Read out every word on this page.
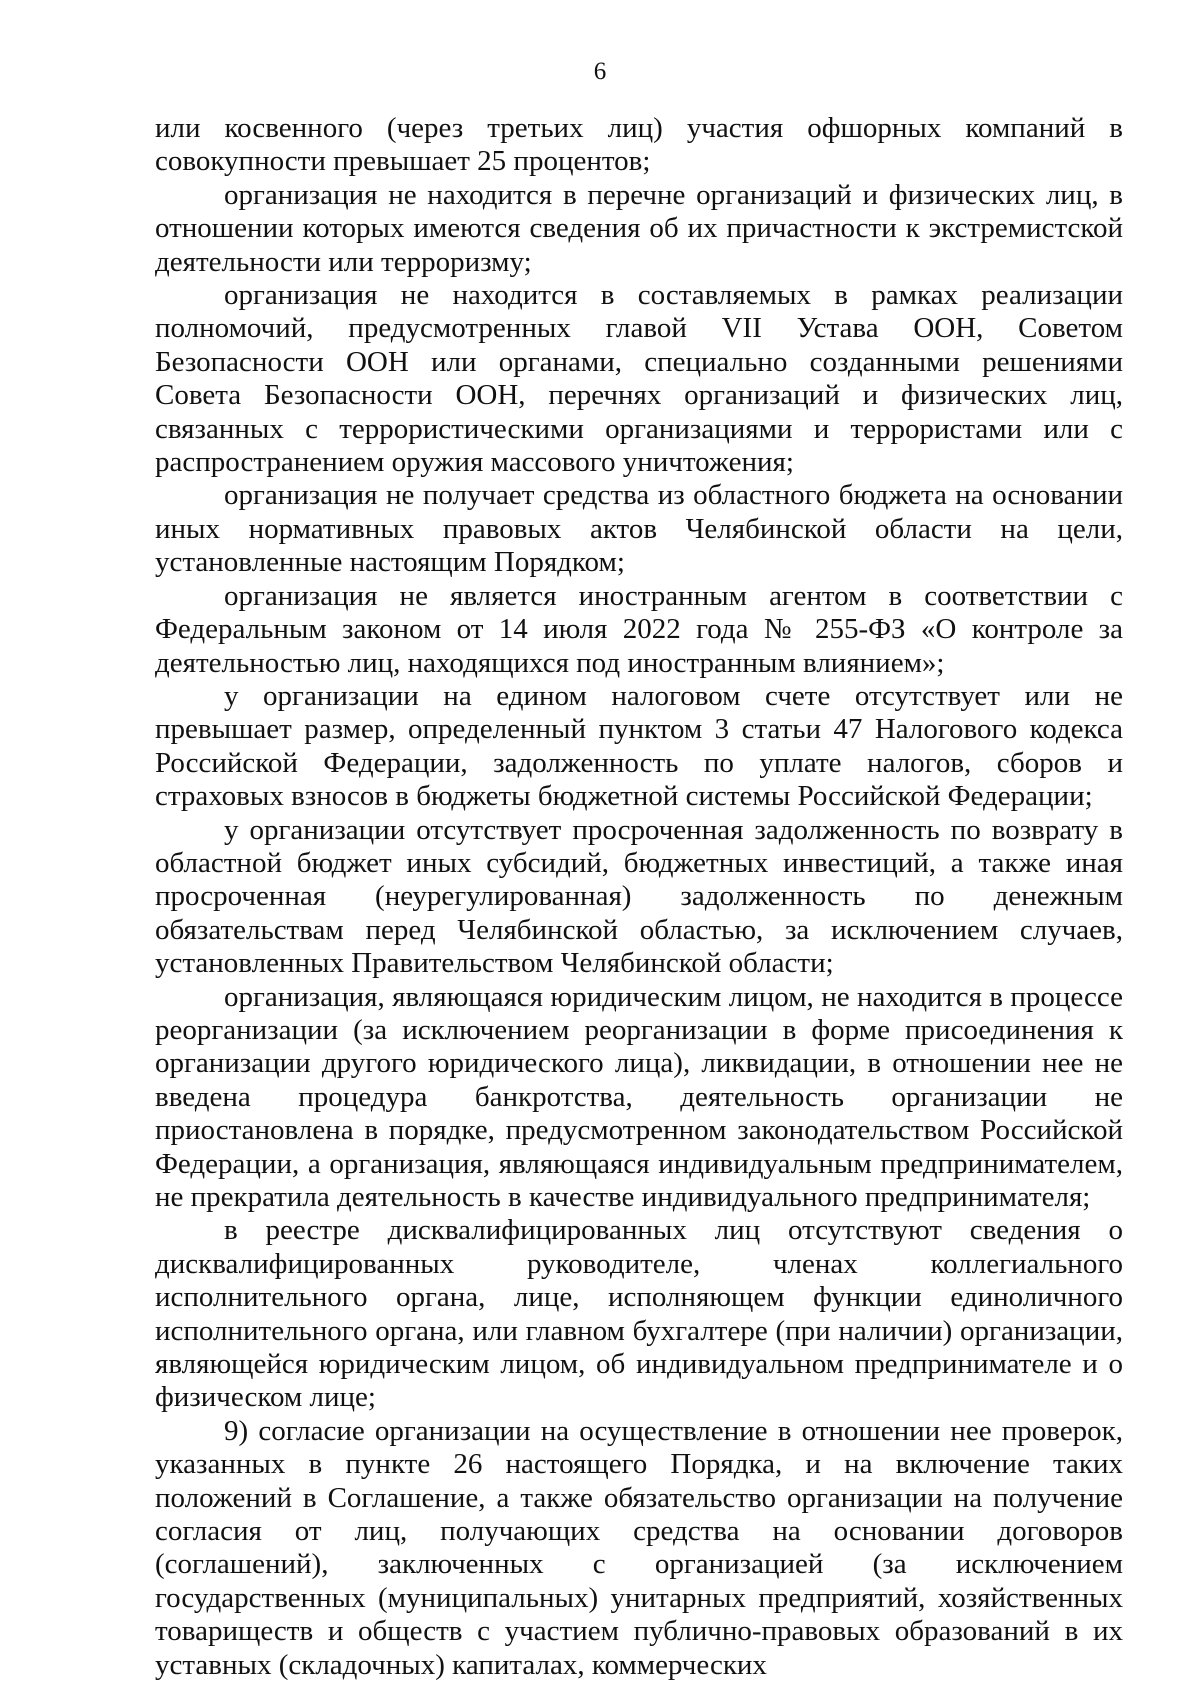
6

или косвенного (через третьих лиц) участия офшорных компаний в совокупности превышает 25 процентов;

организация не находится в перечне организаций и физических лиц, в отношении которых имеются сведения об их причастности к экстремистской деятельности или терроризму;

организация не находится в составляемых в рамках реализации полномочий, предусмотренных главой VII Устава ООН, Советом Безопасности ООН или органами, специально созданными решениями Совета Безопасности ООН, перечнях организаций и физических лиц, связанных с террористическими организациями и террористами или с распространением оружия массового уничтожения;

организация не получает средства из областного бюджета на основании иных нормативных правовых актов Челябинской области на цели, установленные настоящим Порядком;

организация не является иностранным агентом в соответствии с Федеральным законом от 14 июля 2022 года № 255-ФЗ «О контроле за деятельностью лиц, находящихся под иностранным влиянием»;

у организации на едином налоговом счете отсутствует или не превышает размер, определенный пунктом 3 статьи 47 Налогового кодекса Российской Федерации, задолженность по уплате налогов, сборов и страховых взносов в бюджеты бюджетной системы Российской Федерации;

у организации отсутствует просроченная задолженность по возврату в областной бюджет иных субсидий, бюджетных инвестиций, а также иная просроченная (неурегулированная) задолженность по денежным обязательствам перед Челябинской областью, за исключением случаев, установленных Правительством Челябинской области;

организация, являющаяся юридическим лицом, не находится в процессе реорганизации (за исключением реорганизации в форме присоединения к организации другого юридического лица), ликвидации, в отношении нее не введена процедура банкротства, деятельность организации не приостановлена в порядке, предусмотренном законодательством Российской Федерации, а организация, являющаяся индивидуальным предпринимателем, не прекратила деятельность в качестве индивидуального предпринимателя;

в реестре дисквалифицированных лиц отсутствуют сведения о дисквалифицированных руководителе, членах коллегиального исполнительного органа, лице, исполняющем функции единоличного исполнительного органа, или главном бухгалтере (при наличии) организации, являющейся юридическим лицом, об индивидуальном предпринимателе и о физическом лице;

9) согласие организации на осуществление в отношении нее проверок, указанных в пункте 26 настоящего Порядка, и на включение таких положений в Соглашение, а также обязательство организации на получение согласия от лиц, получающих средства на основании договоров (соглашений), заключенных с организацией (за исключением государственных (муниципальных) унитарных предприятий, хозяйственных товариществ и обществ с участием публично-правовых образований в их уставных (складочных) капиталах, коммерческих
